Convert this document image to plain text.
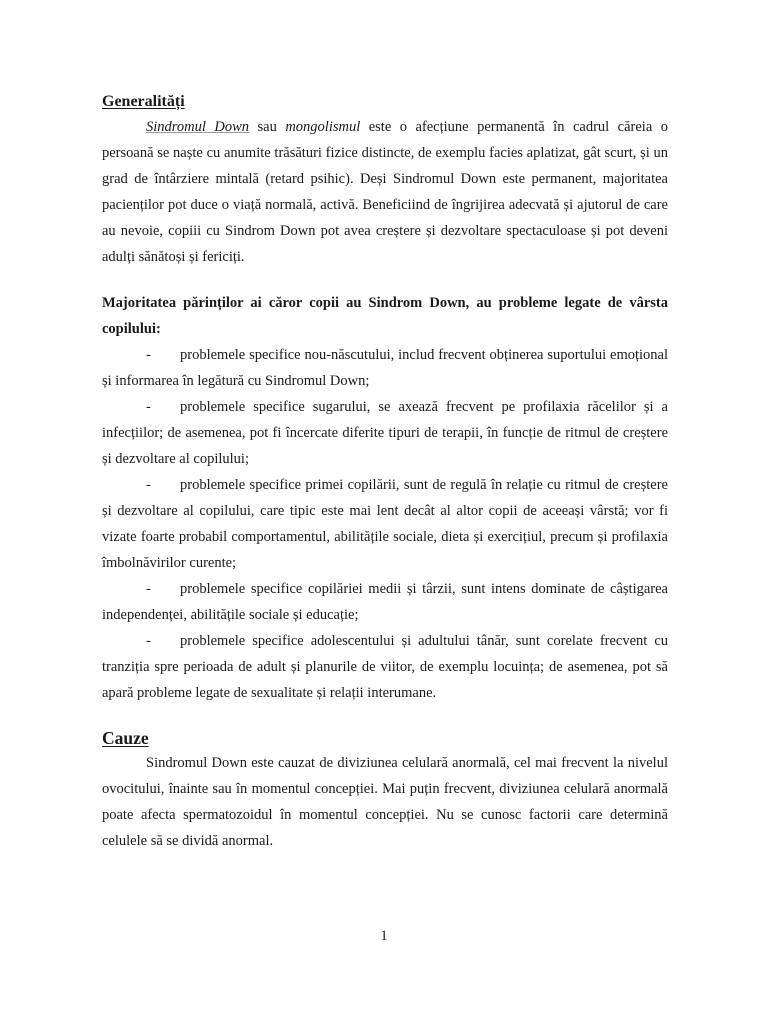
Generalități

Sindromul Down sau mongolismul este o afecțiune permanentă în cadrul căreia o persoană se naște cu anumite trăsături fizice distincte, de exemplu facies aplatizat, gât scurt, și un grad de întârziere mintală (retard psihic). Deși Sindromul Down este permanent, majoritatea pacienților pot duce o viață normală, activă. Beneficiind de îngrijirea adecvată și ajutorul de care au nevoie, copiii cu Sindrom Down pot avea creștere și dezvoltare spectaculoase și pot deveni adulți sănătoși și fericiți.

Majoritatea părinților ai căror copii au Sindrom Down, au probleme legate de vârsta copilului:

- problemele specifice nou-născutului, includ frecvent obținerea suportului emoțional și informarea în legătură cu Sindromul Down;

- problemele specifice sugarului, se axează frecvent pe profilaxia răcelilor și a infecțiilor; de asemenea, pot fi încercate diferite tipuri de terapii, în funcție de ritmul de creștere și dezvoltare al copilului;

- problemele specifice primei copilării, sunt de regulă în relație cu ritmul de creștere și dezvoltare al copilului, care tipic este mai lent decât al altor copii de aceeași vârstă; vor fi vizate foarte probabil comportamentul, abilitățile sociale, dieta și exercițiul, precum și profilaxia îmbolnăvirilor curente;

- problemele specifice copilăriei medii și târzii, sunt intens dominate de câștigarea independenței, abilitățile sociale și educație;

- problemele specifice adolescentului și adultului tânăr, sunt corelate frecvent cu tranziția spre perioada de adult și planurile de viitor, de exemplu locuința; de asemenea, pot să apară probleme legate de sexualitate și relații interumane.

Cauze

Sindromul Down este cauzat de diviziunea celulară anormală, cel mai frecvent la nivelul ovocitului, înainte sau în momentul concepției. Mai puțin frecvent, diviziunea celulară anormală poate afecta spermatozoidul în momentul concepției. Nu se cunosc factorii care determină celulele să se dividă anormal.

1
